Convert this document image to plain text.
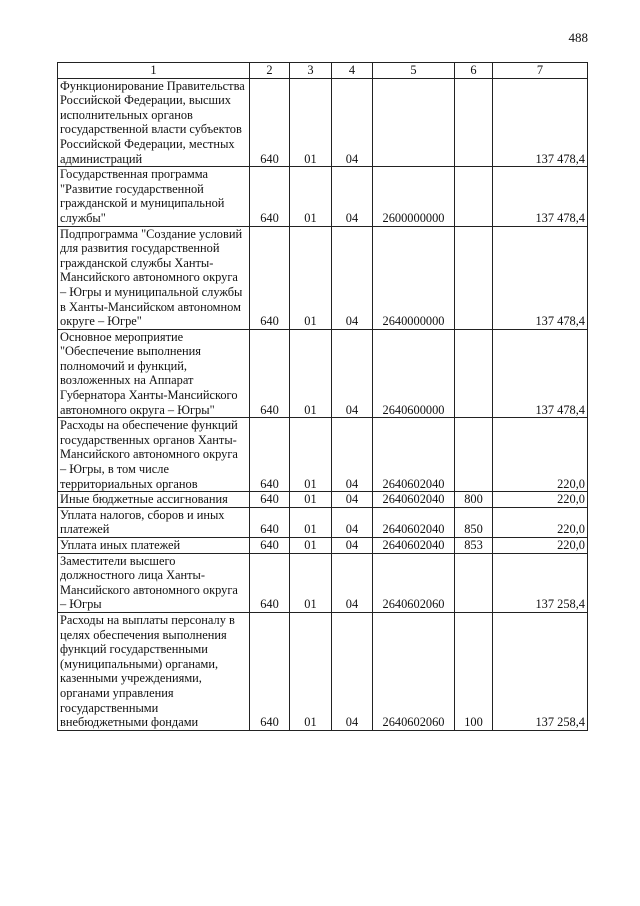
488
1	2	3	4	5	6	7
Функционирование Правительства Российской Федерации, высших исполнительных органов государственной власти субъектов Российской Федерации, местных администраций	640	01	04			137 478,4
Государственная программа "Развитие государственной гражданской и муниципальной службы"	640	01	04	2600000000		137 478,4
Подпрограмма "Создание условий для развития государственной гражданской службы Ханты-Мансийского автономного округа – Югры и муниципальной службы в Ханты-Мансийском автономном округе – Югре"	640	01	04	2640000000		137 478,4
Основное мероприятие "Обеспечение выполнения полномочий и функций, возложенных на Аппарат Губернатора Ханты-Мансийского автономного округа – Югры"	640	01	04	2640600000		137 478,4
Расходы на обеспечение функций государственных органов Ханты-Мансийского автономного округа – Югры, в том числе территориальных органов	640	01	04	2640602040		220,0
Иные бюджетные ассигнования	640	01	04	2640602040	800	220,0
Уплата налогов, сборов и иных платежей	640	01	04	2640602040	850	220,0
Уплата иных платежей	640	01	04	2640602040	853	220,0
Заместители высшего должностного лица Ханты-Мансийского автономного округа – Югры	640	01	04	2640602060		137 258,4
Расходы на выплаты персоналу в целях обеспечения выполнения функций государственными (муниципальными) органами, казенными учреждениями, органами управления государственными внебюджетными фондами	640	01	04	2640602060	100	137 258,4
